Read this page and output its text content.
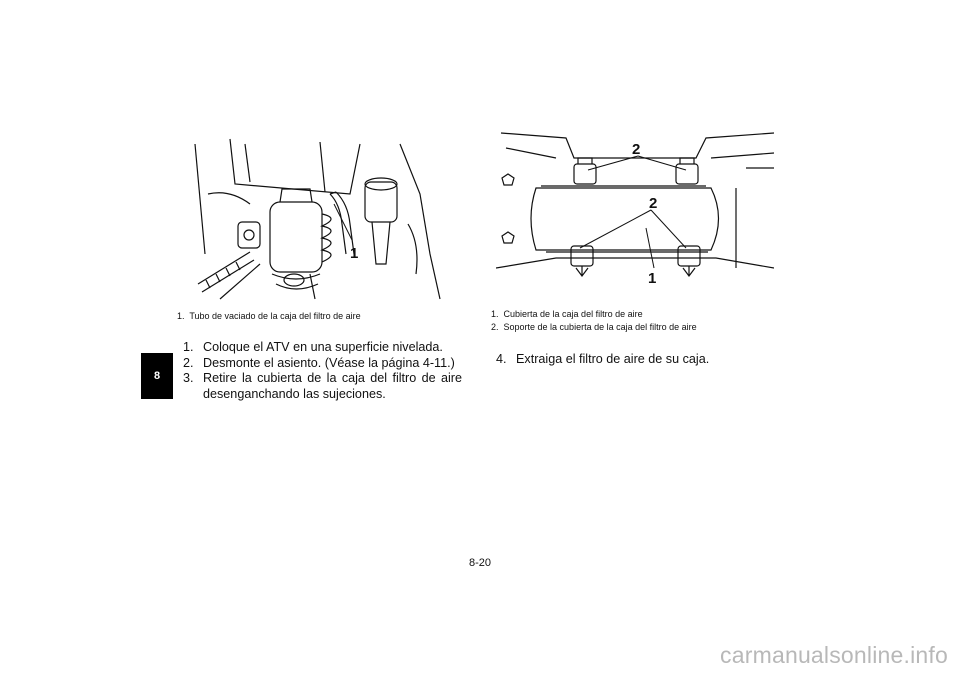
8
1
2
2
1
1. Tubo de vaciado de la caja del filtro de aire	1. Cubierta de la caja del filtro de aire
2. Soporte de la cubierta de la caja del filtro de aire
1. Coloque el ATV en una superficie nivelada.
2. Desmonte el asiento. (Véase la página 4-11.)
3. Retire la cubierta de la caja del filtro de aire desenganchando las sujeciones.
4. Extraiga el filtro de aire de su caja.
8-20
carmanualsonline.info
